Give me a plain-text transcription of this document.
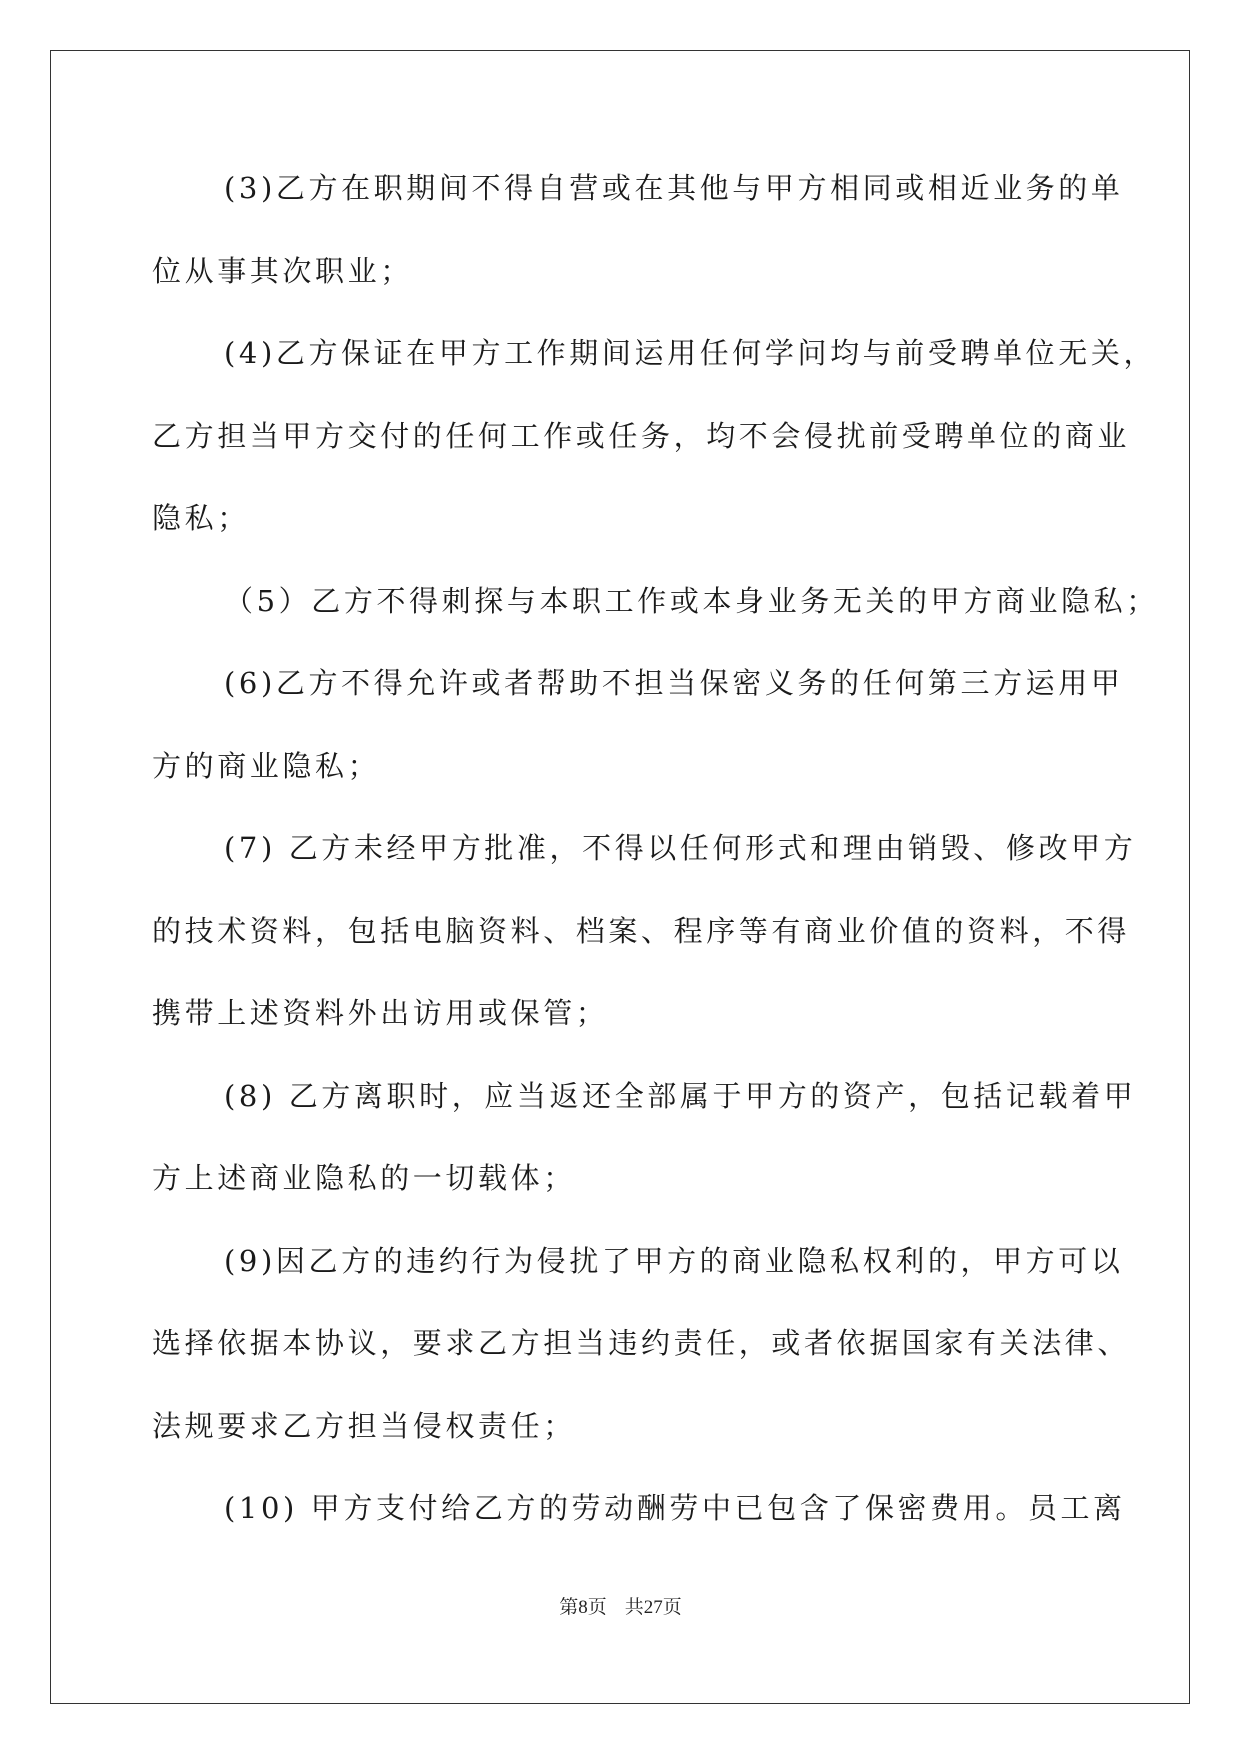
(3)乙方在职期间不得自营或在其他与甲方相同或相近业务的单
位从事其次职业；
(4)乙方保证在甲方工作期间运用任何学问均与前受聘单位无关，
乙方担当甲方交付的任何工作或任务，均不会侵扰前受聘单位的商业
隐私；
（5）乙方不得刺探与本职工作或本身业务无关的甲方商业隐私；
(6)乙方不得允许或者帮助不担当保密义务的任何第三方运用甲
方的商业隐私；
(7) 乙方未经甲方批准，不得以任何形式和理由销毁、修改甲方
的技术资料，包括电脑资料、档案、程序等有商业价值的资料，不得
携带上述资料外出访用或保管；
(8) 乙方离职时，应当返还全部属于甲方的资产，包括记载着甲
方上述商业隐私的一切载体；
(9)因乙方的违约行为侵扰了甲方的商业隐私权利的，甲方可以
选择依据本协议，要求乙方担当违约责任，或者依据国家有关法律、
法规要求乙方担当侵权责任；
(10) 甲方支付给乙方的劳动酬劳中已包含了保密费用。员工离
第8页 共27页
